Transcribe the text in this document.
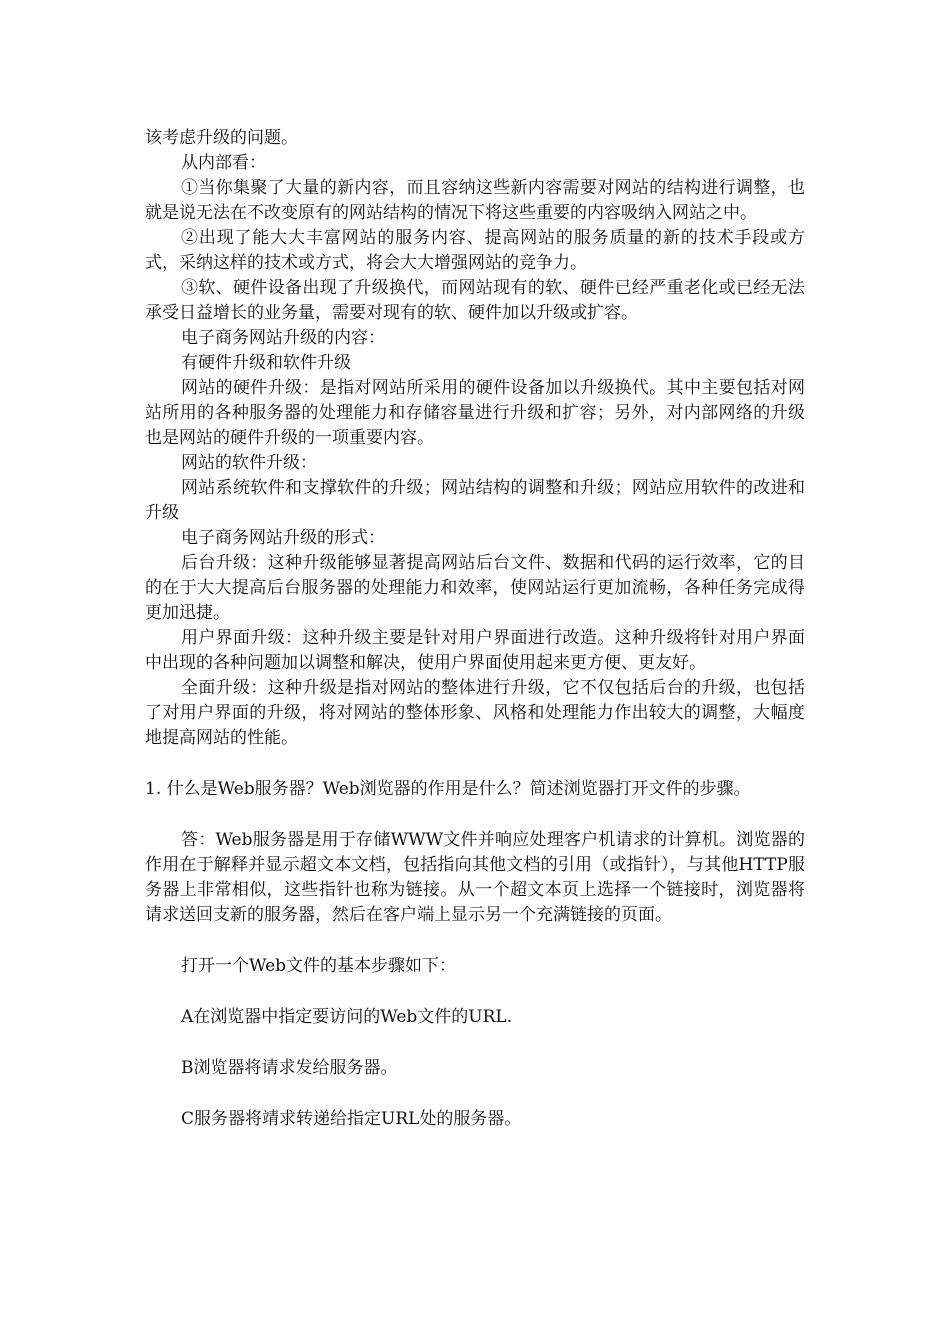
该考虑升级的问题。

从内部看：

①当你集聚了大量的新内容，而且容纳这些新内容需要对网站的结构进行调整，也就是说无法在不改变原有的网站结构的情况下将这些重要的内容吸纳入网站之中。

②出现了能大大丰富网站的服务内容、提高网站的服务质量的新的技术手段或方式，采纳这样的技术或方式，将会大大增强网站的竞争力。

③软、硬件设备出现了升级换代，而网站现有的软、硬件已经严重老化或已经无法承受日益增长的业务量，需要对现有的软、硬件加以升级或扩容。

电子商务网站升级的内容：

有硬件升级和软件升级

网站的硬件升级：是指对网站所采用的硬件设备加以升级换代。其中主要包括对网站所用的各种服务器的处理能力和存储容量进行升级和扩容；另外，对内部网络的升级也是网站的硬件升级的一项重要内容。

网站的软件升级：

网站系统软件和支撑软件的升级；网站结构的调整和升级；网站应用软件的改进和升级

电子商务网站升级的形式：

后台升级：这种升级能够显著提高网站后台文件、数据和代码的运行效率，它的目的在于大大提高后台服务器的处理能力和效率，使网站运行更加流畅，各种任务完成得更加迅捷。

用户界面升级：这种升级主要是针对用户界面进行改造。这种升级将针对用户界面中出现的各种问题加以调整和解决，使用户界面使用起来更方便、更友好。

全面升级：这种升级是指对网站的整体进行升级，它不仅包括后台的升级，也包括了对用户界面的升级，将对网站的整体形象、风格和处理能力作出较大的调整，大幅度地提高网站的性能。

1. 什么是Web服务器？Web浏览器的作用是什么？简述浏览器打开文件的步骤。

答：Web服务器是用于存储WWW文件并响应处理客户机请求的计算机。浏览器的作用在于解释并显示超文本文档，包括指向其他文档的引用（或指针），与其他HTTP服务器上非常相似，这些指针也称为链接。从一个超文本页上选择一个链接时，浏览器将请求送回支新的服务器，然后在客户端上显示另一个充满链接的页面。

打开一个Web文件的基本步骤如下：

A在浏览器中指定要访问的Web文件的URL.

B浏览器将请求发给服务器。

C服务器将靖求转递给指定URL处的服务器。
